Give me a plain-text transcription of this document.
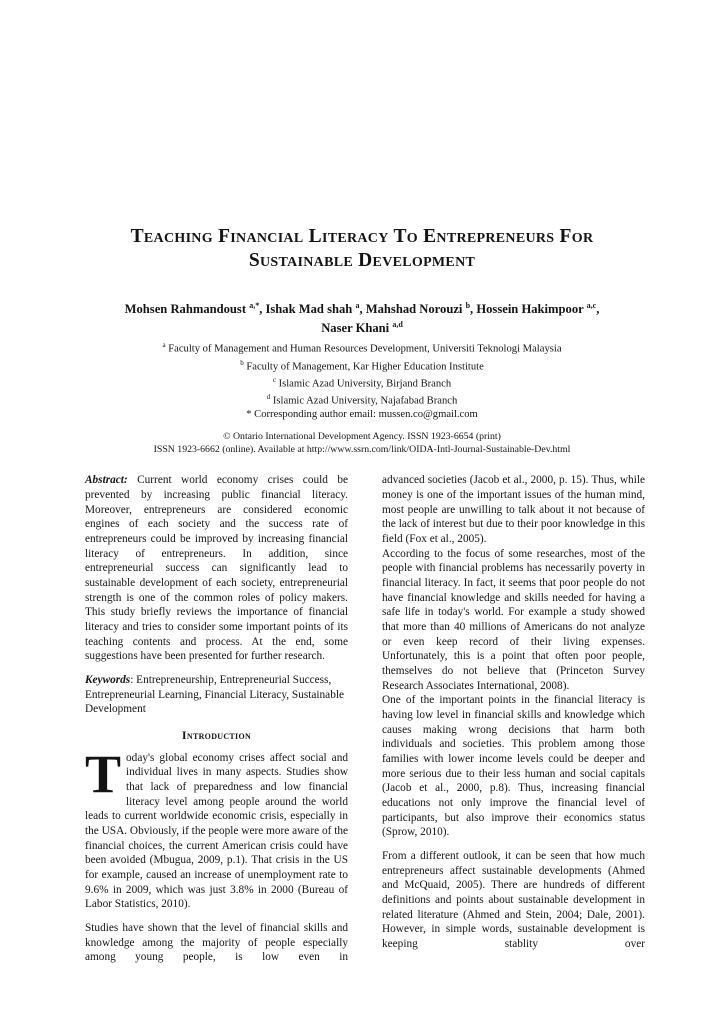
Teaching Financial Literacy To Entrepreneurs For Sustainable Development
Mohsen Rahmandoust $^{a,*}$, Ishak Mad shah $^a$, Mahshad Norouzi $^b$, Hossein Hakimpoor $^{a,c}$,
Naser Khani $^{a,d}$
$^a$ Faculty of Management and Human Resources Development, Universiti Teknologi Malaysia
$^b$ Faculty of Management, Kar Higher Education Institute
$^c$ Islamic Azad University, Birjand Branch
$^d$ Islamic Azad University, Najafabad Branch
* Corresponding author email: mussen.co@gmail.com
© Ontario International Development Agency. ISSN 1923-6654 (print)
ISSN 1923-6662 (online). Available at http://www.ssrn.com/link/OIDA-Intl-Journal-Sustainable-Dev.html

Abstract: Current world economy crises could be prevented by increasing public financial literacy. Moreover, entrepreneurs are considered economic engines of each society and the success rate of entrepreneurs could be improved by increasing financial literacy of entrepreneurs. In addition, since entrepreneurial success can significantly lead to sustainable development of each society, entrepreneurial strength is one of the common roles of policy makers. This study briefly reviews the importance of financial literacy and tries to consider some important points of its teaching contents and process. At the end, some suggestions have been presented for further research.

Keywords: Entrepreneurship, Entrepreneurial Success, Entrepreneurial Learning, Financial Literacy, Sustainable Development

Introduction

Today's global economy crises affect social and individual lives in many aspects. Studies show that lack of preparedness and low financial literacy level among people around the world leads to current worldwide economic crisis, especially in the USA. Obviously, if the people were more aware of the financial choices, the current American crisis could have been avoided (Mbugua, 2009, p.1). That crisis in the US for example, caused an increase of unemployment rate to 9.6% in 2009, which was just 3.8% in 2000 (Bureau of Labor Statistics, 2010).

Studies have shown that the level of financial skills and knowledge among the majority of people especially among young people, is low even in

advanced societies (Jacob et al., 2000, p. 15). Thus, while money is one of the important issues of the human mind, most people are unwilling to talk about it not because of the lack of interest but due to their poor knowledge in this field (Fox et al., 2005).

According to the focus of some researches, most of the people with financial problems has necessarily poverty in financial literacy. In fact, it seems that poor people do not have financial knowledge and skills needed for having a safe life in today's world. For example a study showed that more than 40 millions of Americans do not analyze or even keep record of their living expenses. Unfortunately, this is a point that often poor people, themselves do not believe that (Princeton Survey Research Associates International, 2008).

One of the important points in the financial literacy is having low level in financial skills and knowledge which causes making wrong decisions that harm both individuals and societies. This problem among those families with lower income levels could be deeper and more serious due to their less human and social capitals (Jacob et al., 2000, p.8). Thus, increasing financial educations not only improve the financial level of participants, but also improve their economics status (Sprow, 2010).

From a different outlook, it can be seen that how much entrepreneurs affect sustainable developments (Ahmed and McQuaid, 2005). There are hundreds of different definitions and points about sustainable development in related literature (Ahmed and Stein, 2004; Dale, 2001). However, in simple words, sustainable development is keeping stablity over
